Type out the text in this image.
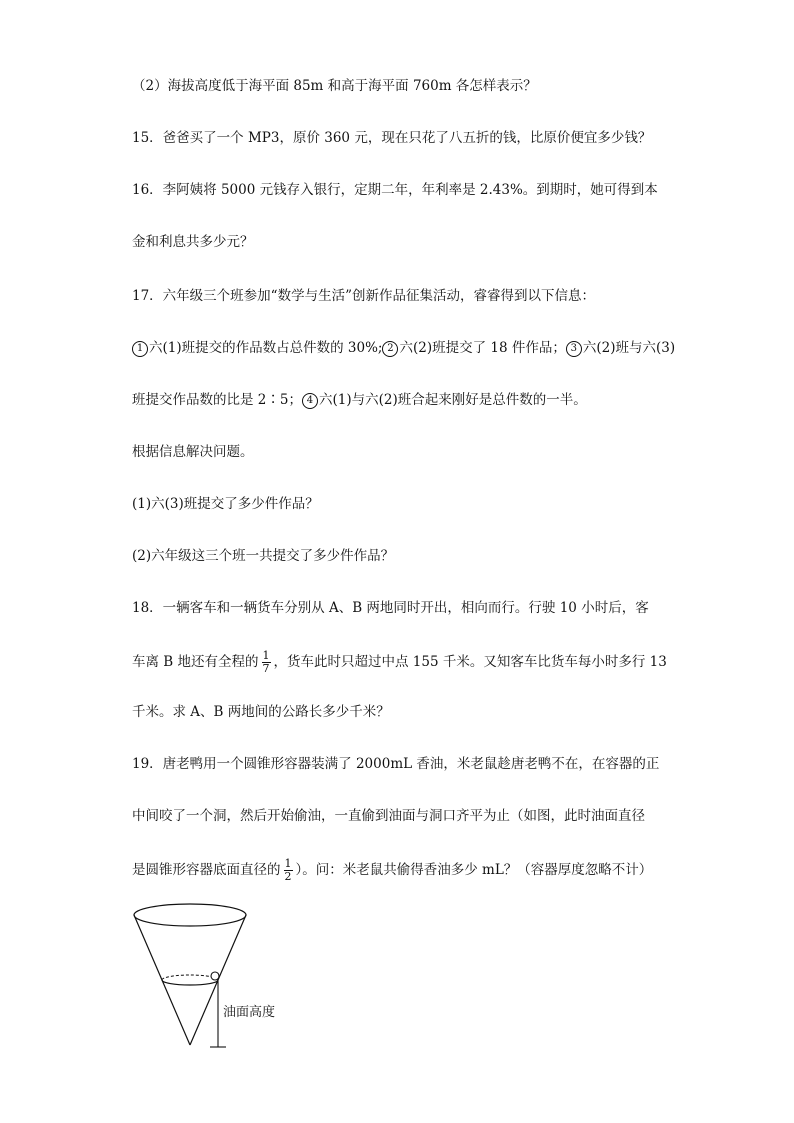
（2）海拔高度低于海平面 85m 和高于海平面 760m 各怎样表示？
15．爸爸买了一个 MP3，原价 360 元，现在只花了八五折的钱，比原价便宜多少钱？
16．李阿姨将 5000 元钱存入银行，定期二年，年利率是 2.43%。到期时，她可得到本
金和利息共多少元？
17．六年级三个班参加“数学与生活”创新作品征集活动，睿睿得到以下信息：
1 六(1)班提交的作品数占总件数的 30%; 2 六(2)班提交了 18 件作品； 3 六(2)班与六(3)
班提交作品数的比是 2∶5； 4 六(1)与六(2)班合起来刚好是总件数的一半。
根据信息解决问题。
(1)六(3)班提交了多少件作品？
(2)六年级这三个班一共提交了多少件作品？
18．一辆客车和一辆货车分别从 A、B 两地同时开出，相向而行。行驶 10 小时后，客
车离 B 地还有全程的 $\frac{1}{7}$ ，货车此时只超过中点 155 千米。又知客车比货车每小时多行 13
千米。求 A、B 两地间的公路长多少千米？
19．唐老鸭用一个圆锥形容器装满了 2000mL 香油，米老鼠趁唐老鸭不在，在容器的正
中间咬了一个洞，然后开始偷油，一直偷到油面与洞口齐平为止（如图，此时油面直径
是圆锥形容器底面直径的 $\frac{1}{2}$ ）。问：米老鼠共偷得香油多少 mL？（容器厚度忽略不计）
油面高度
